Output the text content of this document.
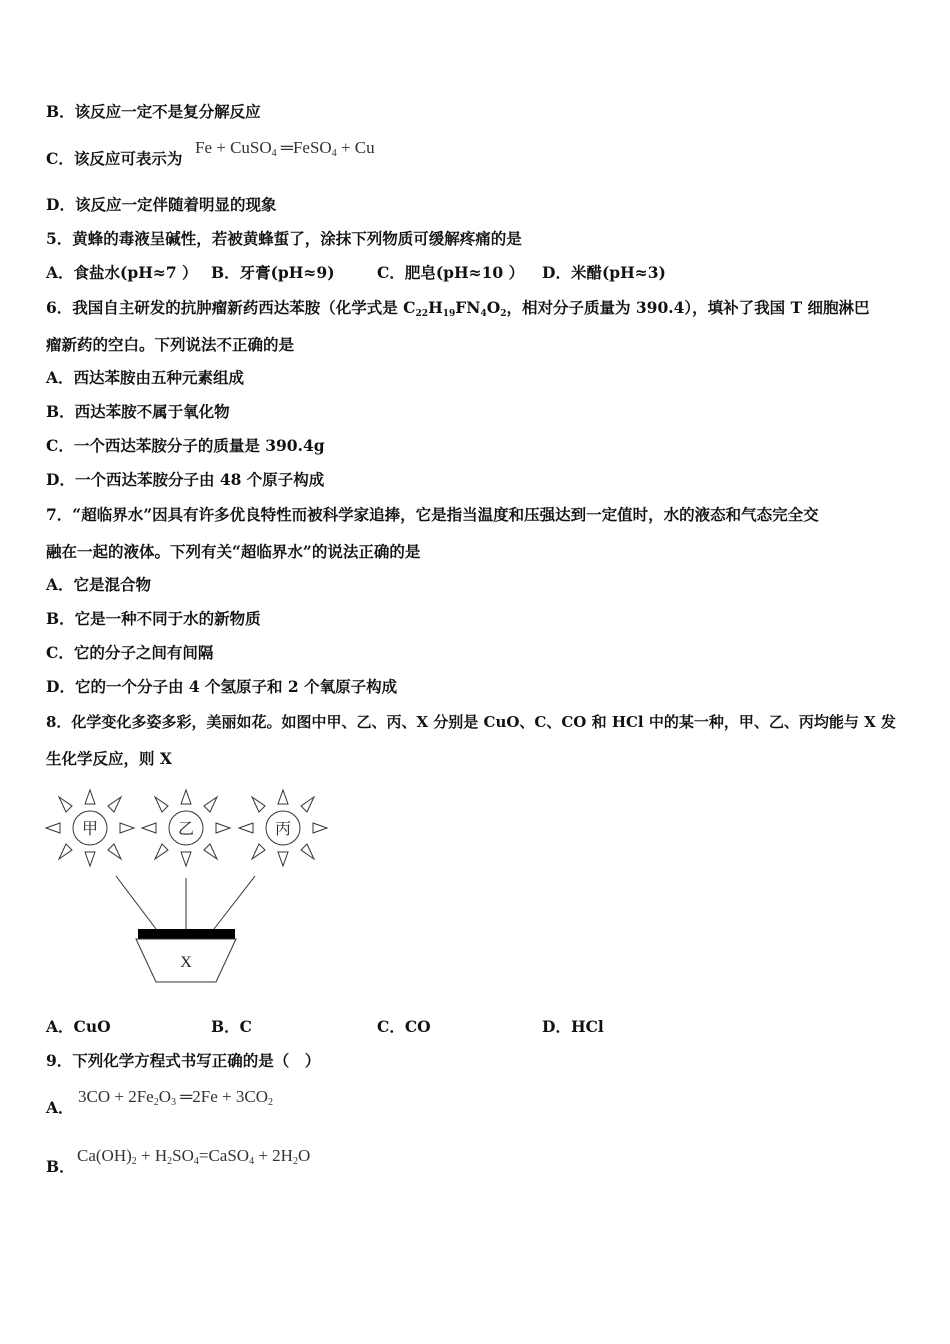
B．该反应一定不是复分解反应
C．该反应可表示为
Fe + CuSO$_4$ ═FeSO$_4$ + Cu
D．该反应一定伴随着明显的现象
5．黄蜂的毒液呈碱性，若被黄蜂蜇了，涂抹下列物质可缓解疼痛的是
A．食盐水(pH≈7 ） B．牙膏(pH≈9)	C．肥皂(pH≈10 ） D．米醋(pH≈3)
6．我国自主研发的抗肿瘤新药西达苯胺（化学式是 $C_{22}H_{19}FN_4O_2$，相对分子质量为 390.4），填补了我国 T 细胞淋巴
瘤新药的空白。下列说法不正确的是
A．西达苯胺由五种元素组成
B．西达苯胺不属于氧化物
C．一个西达苯胺分子的质量是 390.4g
D．一个西达苯胺分子由 48 个原子构成
7．“超临界水”因具有许多优良特性而被科学家追捧，它是指当温度和压强达到一定值时，水的液态和气态完全交
融在一起的液体。下列有关“超临界水”的说法正确的是
A．它是混合物
B．它是一种不同于水的新物质
C．它的分子之间有间隔
D．它的一个分子由 4 个氢原子和 2 个氧原子构成
8．化学变化多姿多彩，美丽如花。如图中甲、乙、丙、X 分别是 CuO、C、CO 和 HCl 中的某一种，甲、乙、丙均能与 X 发
生化学反应，则 X
甲	乙	丙
X
A．CuO	B．C	C．CO	D．HCl
9．下列化学方程式书写正确的是（　）
A．
$3CO + 2Fe_2O_3$ ═2Fe + $3CO_2$
B．
$Ca(OH)_2$ + $H_2SO_4=CaSO_4 + 2H_2O$
